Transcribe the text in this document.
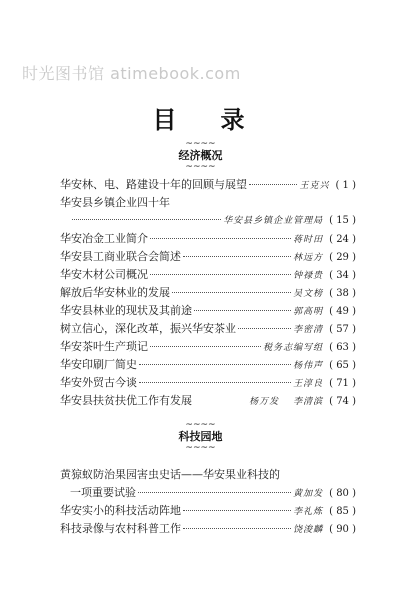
时光图书馆 atimebook.com
目 录
~~~~
经济概况
~~~~
华安林、电、路建设十年的回顾与展望	王克兴 ( 1 )
华安县乡镇企业四十年
华安县乡镇企业管理局 ( 15 )
华安冶金工业简介	蒋时田 ( 24 )
华安县工商业联合会简述	林远方 ( 29 )
华安木材公司概况	钟禄贵 ( 34 )
解放后华安林业的发展	吴文榜 ( 38 )
华安县林业的现状及其前途	郭高明 ( 49 )
树立信心，深化改革，振兴华安茶业	李密清 ( 57 )
华安茶叶生产琐记	税务志编写组 ( 63 )
华安印刷厂简史	杨伟声 ( 65 )
华安外贸古今谈	王淳良 ( 71 )
华安县扶贫扶优工作有发展	杨万发 李清滨 ( 74 )
~~~~
科技园地
~~~~
黄猄蚁防治果园害虫史话——华安果业科技的
一项重要试验	黄加发 ( 80 )
华安实小的科技活动阵地	李礼炼 ( 85 )
科技录像与农村科普工作	饶浚麟 ( 90 )
